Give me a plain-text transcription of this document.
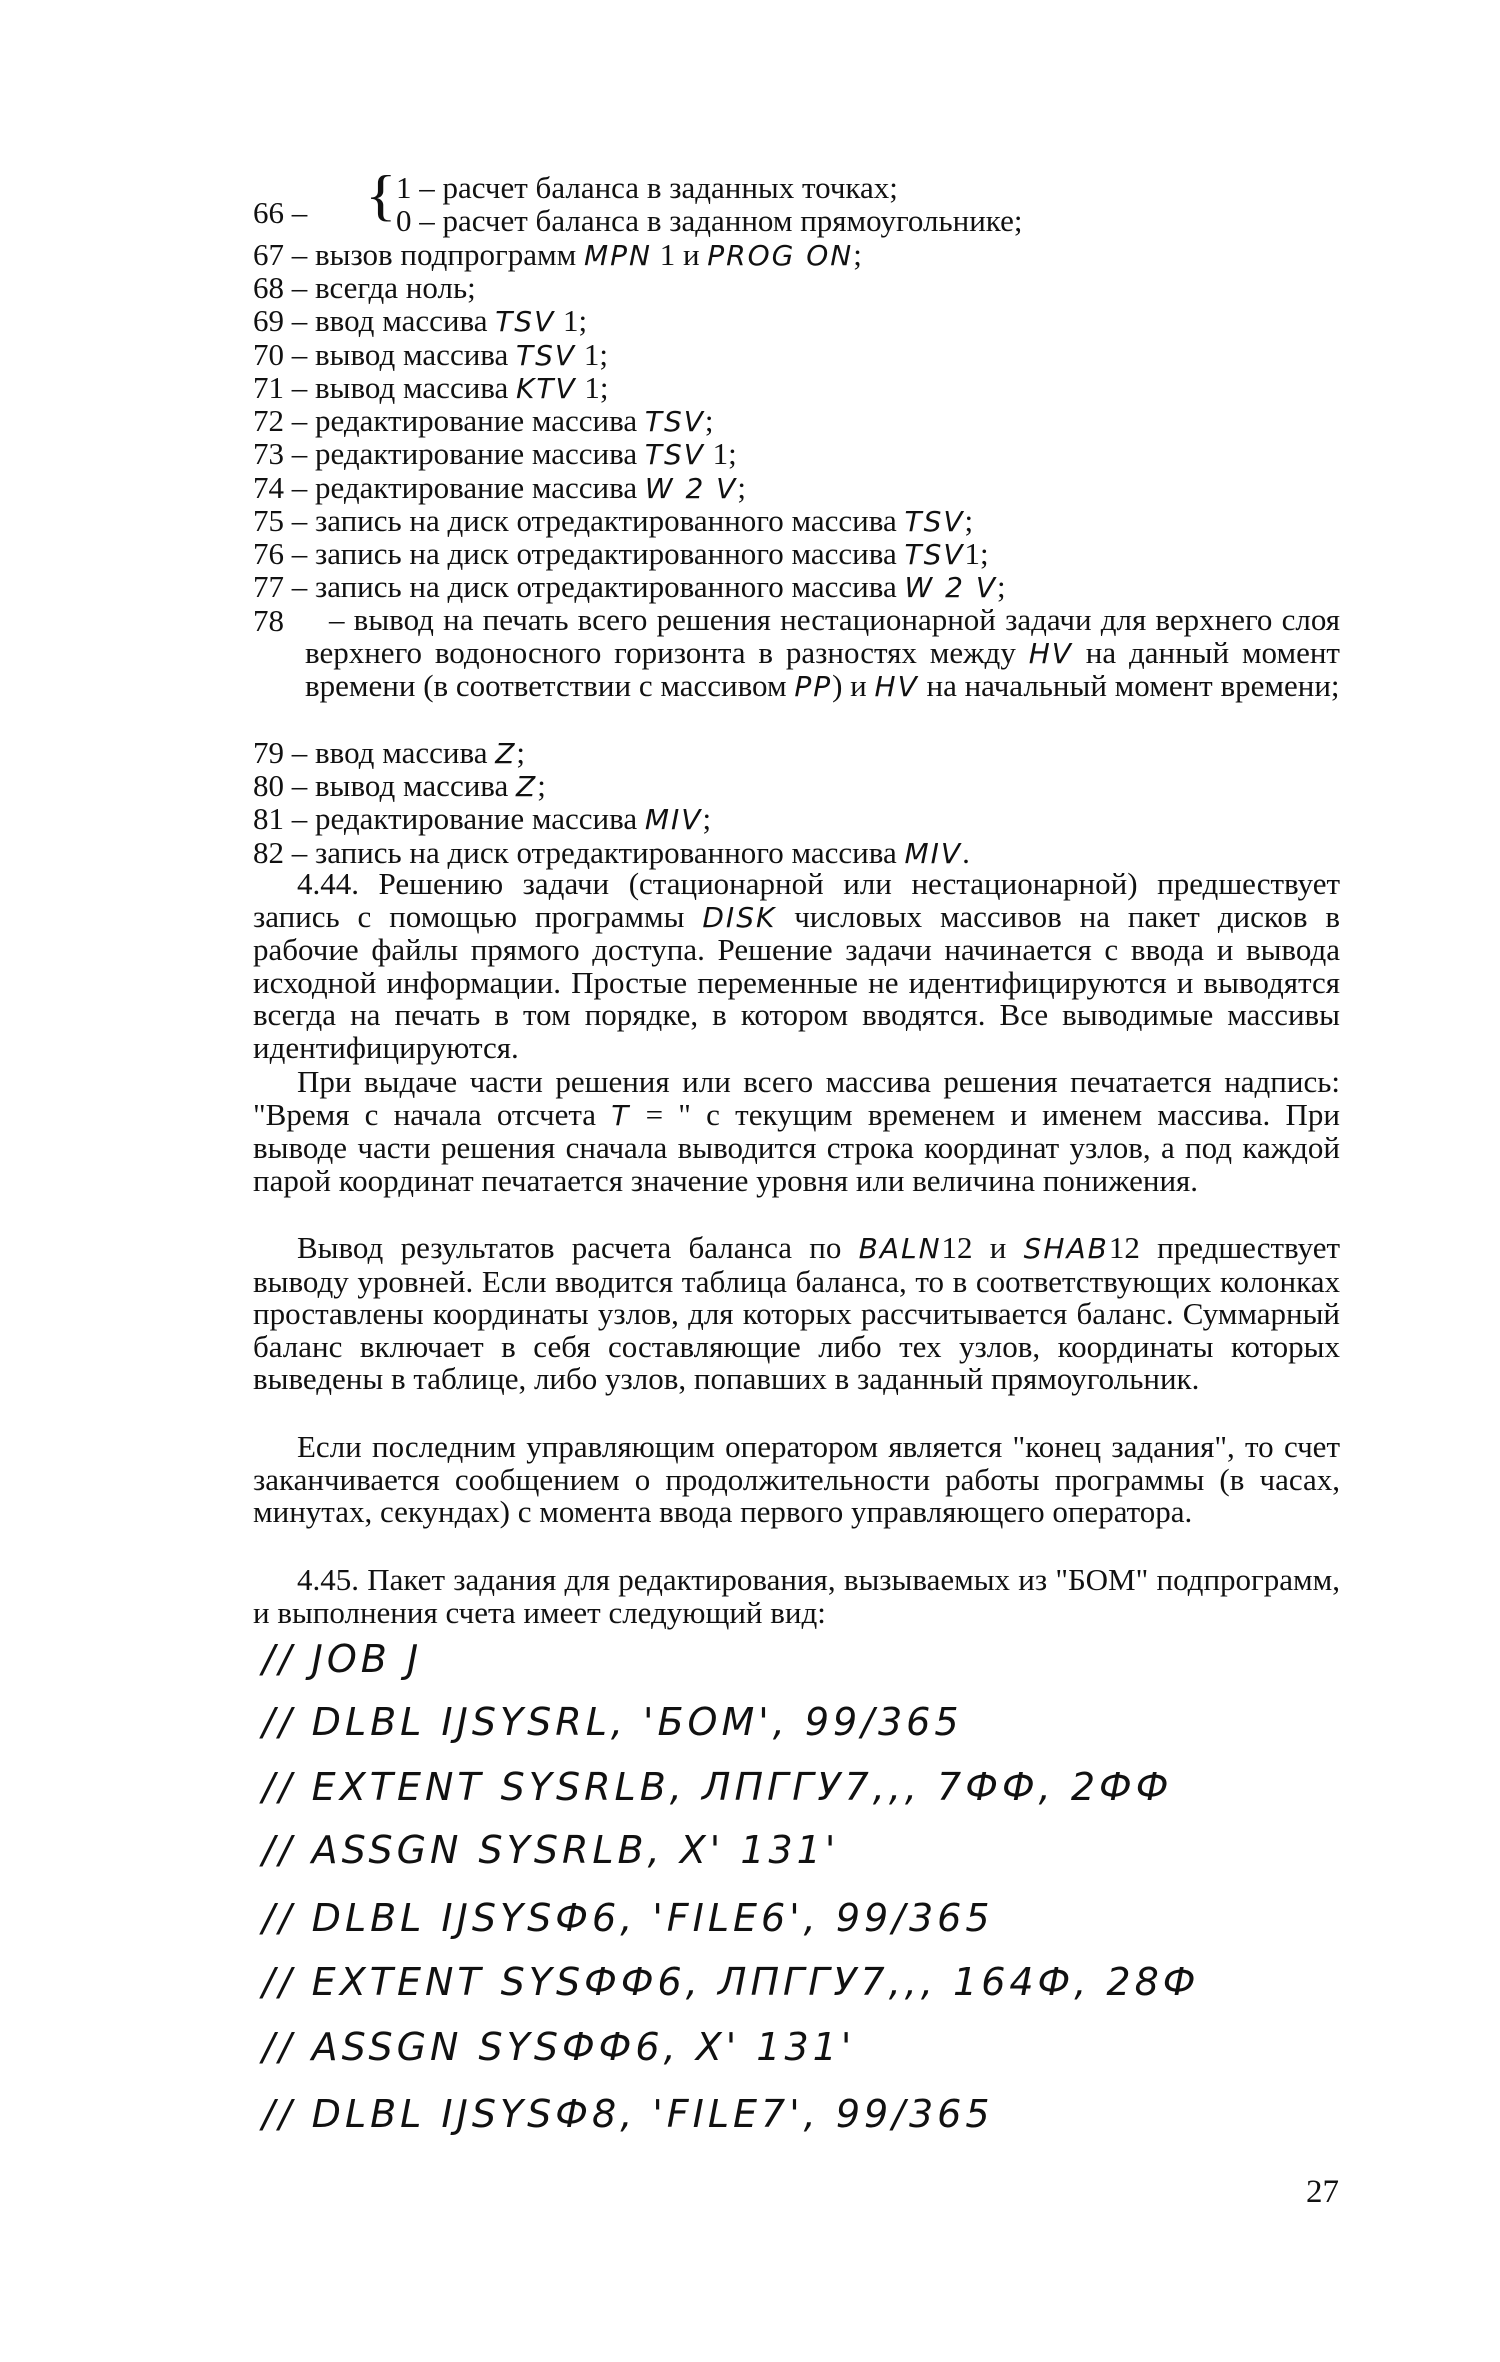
66 – { 1 – расчет баланса в заданных точках;
0 – расчет баланса в заданном прямоугольнике;
67 – вызов подпрограмм MPN 1 и PROG ON;
68 – всегда ноль;
69 – ввод массива TSV 1;
70 – вывод массива TSV 1;
71 – вывод массива KTV 1;
72 – редактирование массива TSV;
73 – редактирование массива TSV 1;
74 – редактирование массива W 2 V;
75 – запись на диск отредактированного массива TSV;
76 – запись на диск отредактированного массива TSV1;
77 – запись на диск отредактированного массива W 2 V;
78	– вывод на печать всего решения нестационарной задачи для верхнего слоя верхнего водоносного горизонта в разностях между HV на данный момент времени (в соответствии с массивом PP) и HV на начальный момент времени;
79 – ввод массива Z;
80 – вывод массива Z;
81 – редактирование массива MIV;
82 – запись на диск отредактированного массива MIV.
4.44. Решению задачи (стационарной или нестационарной) предшествует запись с помощью программы DISK числовых массивов на пакет дисков в рабочие файлы прямого доступа. Решение задачи начинается с ввода и вывода исходной информации. Простые переменные не идентифицируются и выводятся всегда на печать в том порядке, в котором вводятся. Все выводимые массивы идентифицируются.
При выдаче части решения или всего массива решения печатается надпись: "Время с начала отсчета T = " с текущим временем и именем массива. При выводе части решения сначала выводится строка координат узлов, а под каждой парой координат печатается значение уровня или величина понижения.
Вывод результатов расчета баланса по BALN12 и SHAB12 предшествует выводу уровней. Если вводится таблица баланса, то в соответствующих колонках проставлены координаты узлов, для которых рассчитывается баланс. Суммарный баланс включает в себя составляющие либо тех узлов, координаты которых выведены в таблице, либо узлов, попавших в заданный прямоугольник.
Если последним управляющим оператором является "конец задания", то счет заканчивается сообщением о продолжительности работы программы (в часах, минутах, секундах) с момента ввода первого управляющего оператора.
4.45. Пакет задания для редактирования, вызываемых из "БОМ" подпрограмм, и выполнения счета имеет следующий вид:
// JOB J
// DLBL IJSYSRL, 'БОМ', 99/365
// EXTENT SYSRLB, ЛПГГУ7,,, 7ФФ, 2ФФ
// ASSGN SYSRLB, X' 131'
// DLBL IJSYSФ6, 'FILE6', 99/365
// EXTENT SYSФФ6, ЛПГГУ7,,, 164Ф, 28Ф
// ASSGN SYSФФ6, X' 131'
// DLBL IJSYSФ8, 'FILE7', 99/365
27
